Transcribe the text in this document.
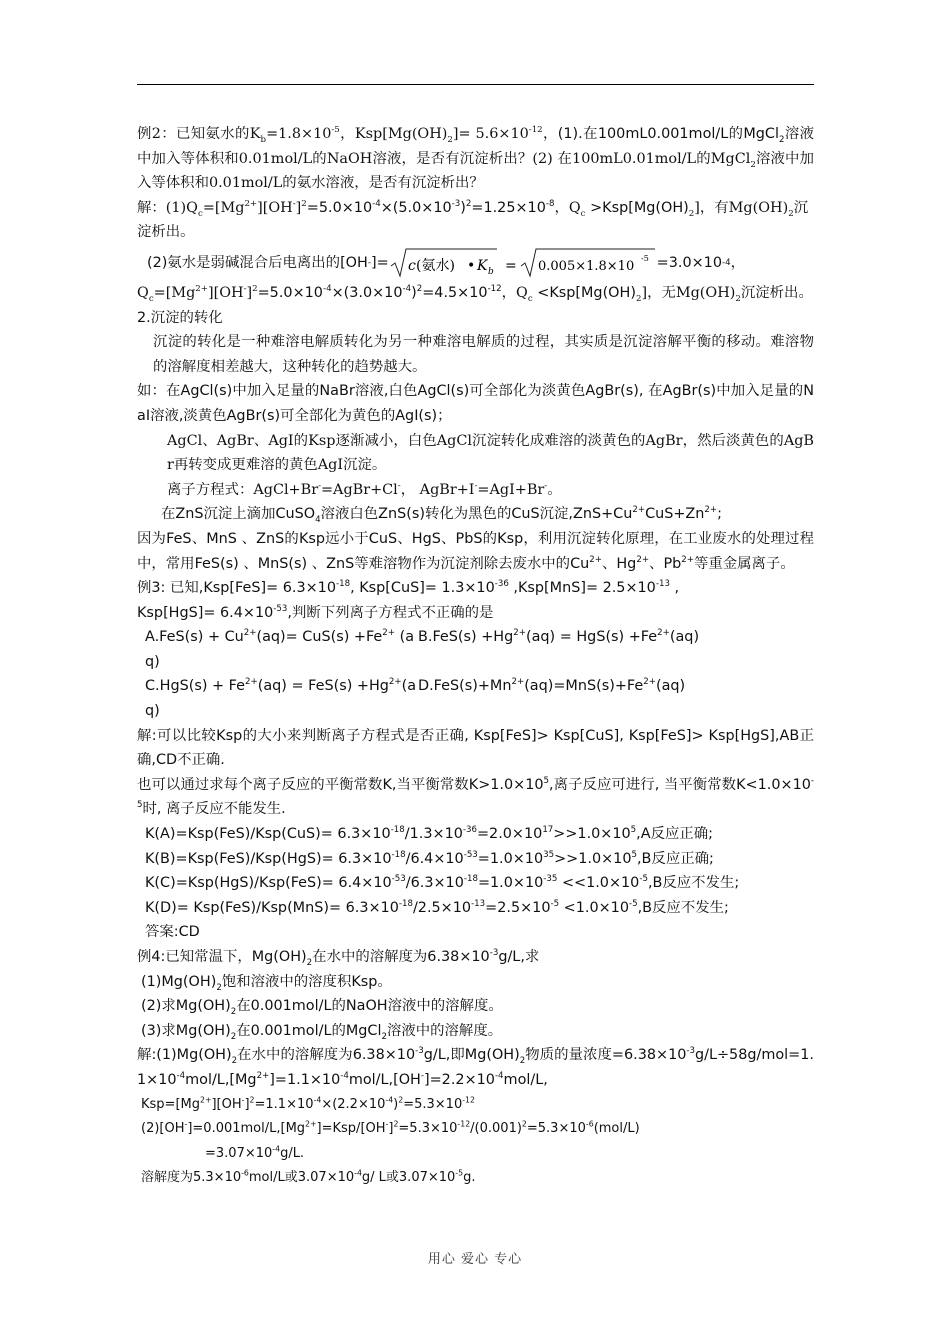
例2：已知氨水的$K_b=1.8\times 10^{-5}$，$Ksp[Mg(OH)_2]= 5.6\times 10^{-12}$，(1).在100mL0.001mol/L的MgCl$_2$溶液中加入等体积和0.01mol/L的NaOH溶液，是否有沉淀析出？(2) 在100mL0.01mol/L的MgCl$_2$溶液中加入等体积和0.01mol/L的氨水溶液，是否有沉淀析出？

解：$(1)Q_c=[Mg^{2+}][OH^-]^2=5.0\times 10^{-4}\times(5.0\times 10^{-3})^2=1.25\times 10^{-8}$，$Q_c >Ksp[Mg(OH)_2]$，有$Mg(OH)_2$沉淀析出。

(2)氨水是弱碱混合后电离出的[OH - ]= c (氨水) • K b = 0.005×1.8×10
-5 =3.0×10 -4 ，

$Q_c=[Mg^{2+}][OH^-]^2=5.0\times 10^{-4}\times(3.0\times 10^{-4})^2=4.5\times 10^{-12}$，$Q_c <Ksp[Mg(OH)_2]$，无$Mg(OH)_2$沉淀析出。

2.沉淀的转化

沉淀的转化是一种难溶电解质转化为另一种难溶电解质的过程，其实质是沉淀溶解平衡的移动。难溶物的溶解度相差越大，这种转化的趋势越大。

如：在AgCl(s)中加入足量的NaBr溶液,白色AgCl(s)可全部化为淡黄色AgBr(s), 在AgBr(s)中加入足量的NaI溶液,淡黄色AgBr(s)可全部化为黄色的AgI(s)；

AgCl、AgBr、AgI的Ksp逐渐减小，白色AgCl沉淀转化成难溶的淡黄色的AgBr，然后淡黄色的AgBr再转变成更难溶的黄色AgI沉淀。

离子方程式：AgCl+Br-=AgBr+Cl-， AgBr+I-=AgI+Br-。

在ZnS沉淀上滴加CuSO$_4$溶液白色ZnS(s)转化为黑色的CuS沉淀$,ZnS+Cu^{2+}CuS+Zn^{2+}$;

因为FeS、MnS 、ZnS的Ksp远小于CuS、HgS、PbS的Ksp，利用沉淀转化原理，在工业废水的处理过程中，常用FeS(s) 、MnS(s) 、ZnS等难溶物作为沉淀剂除去废水中的$Cu^{2+}$、$Hg^{2+}$、$Pb^{2+}$等重金属离子。

例3: 已知$,Ksp[FeS]= 6.3\times 10^{-18}$, $Ksp[CuS]= 1.3\times 10^{-36}$ $,Ksp[MnS]= 2.5\times 10^{-13}$ ,

$Ksp[HgS]= 6.4\times 10^{-53}$,判断下列离子方程式不正确的是

$A.FeS(s) + Cu^{2+}(aq)= CuS(s) +Fe^{2+}$ (aq)
$B.FeS(s) +Hg^{2+}(aq) = HgS(s) +Fe^{2+}(aq)$
$C.HgS(s) + Fe^{2+}(aq) = FeS(s) +Hg^{2+}(aq)$
$D.FeS(s)+Mn^{2+}(aq)=MnS(s)+Fe^{2+}(aq)$

解:可以比较Ksp的大小来判断离子方程式是否正确, Ksp[FeS]> Ksp[CuS], Ksp[FeS]> Ksp[HgS],AB正确,CD不正确.

也可以通过求每个离子反应的平衡常数K,当平衡常数$K>1.0\times 10^5$,离子反应可进行, 当平衡常数$K<1.0\times 10^{-5}$时, 离子反应不能发生.

$K(A)=Ksp(FeS)/Ksp(CuS)= 6.3\times 10^{-18}/1.3\times 10^{-36}=2.0\times 10^{17}>>1.0\times 10^5,A$反应正确;

$K(B)=Ksp(FeS)/Ksp(HgS)= 6.3\times 10^{-18}/6.4\times 10^{-53}=1.0\times 10^{35}>>1.0\times 10^5,B$反应正确;

$K(C)=Ksp(HgS)/Ksp(FeS)= 6.4\times 10^{-53}/6.3\times 10^{-18}=1.0\times 10^{-35} <<1.0\times 10^{-5},B$反应不发生;

$K(D)= Ksp(FeS)/Ksp(MnS)= 6.3\times 10^{-18}/2.5\times 10^{-13}=2.5\times 10^{-5} <1.0\times 10^{-5},B$反应不发生;

答案:CD

例4:已知常温下，$Mg(OH)_2$在水中的溶解度为$6.38\times 10^{-3}g/L$,求

$(1)Mg(OH)_2$饱和溶液中的溶度积Ksp。

(2)求$Mg(OH)_2$在0.001mol/L的NaOH溶液中的溶解度。

(3)求$Mg(OH)_2$在0.001mol/L的MgCl$_2$溶液中的溶解度。

解$:(1)Mg(OH)_2$在水中的溶解度为$6.38\times 10^{-3}g/L$,即$Mg(OH)_2$物质的量浓度$=6.38\times 10^{-3}g/L\div 58g/mol=1.1\times 10^{-4}mol/L,[Mg^{2+}]=1.1\times 10^{-4}mol/L,[OH^-]=2.2\times 10^{-4}mol/L$,

$Ksp=[Mg^{2+}][OH^-]^2=1.1\times 10^{-4}\times(2.2\times 10^{-4})^2=5.3\times 10^{-12}$

$(2)[OH^-]=0.001mol/L,[Mg^{2+}]=Ksp/[OH^-]^2=5.3\times 10^{-12}/(0.001)^2=5.3\times 10^{-6}(mol/L)$

$=3.07\times 10^{-4}g/L$.

溶解度为$5.3\times 10^{-6}mol/L$或$3.07\times 10^{-4}g/$ L或$3.07\times 10^{-5}g$.

用心 爱心 专心
